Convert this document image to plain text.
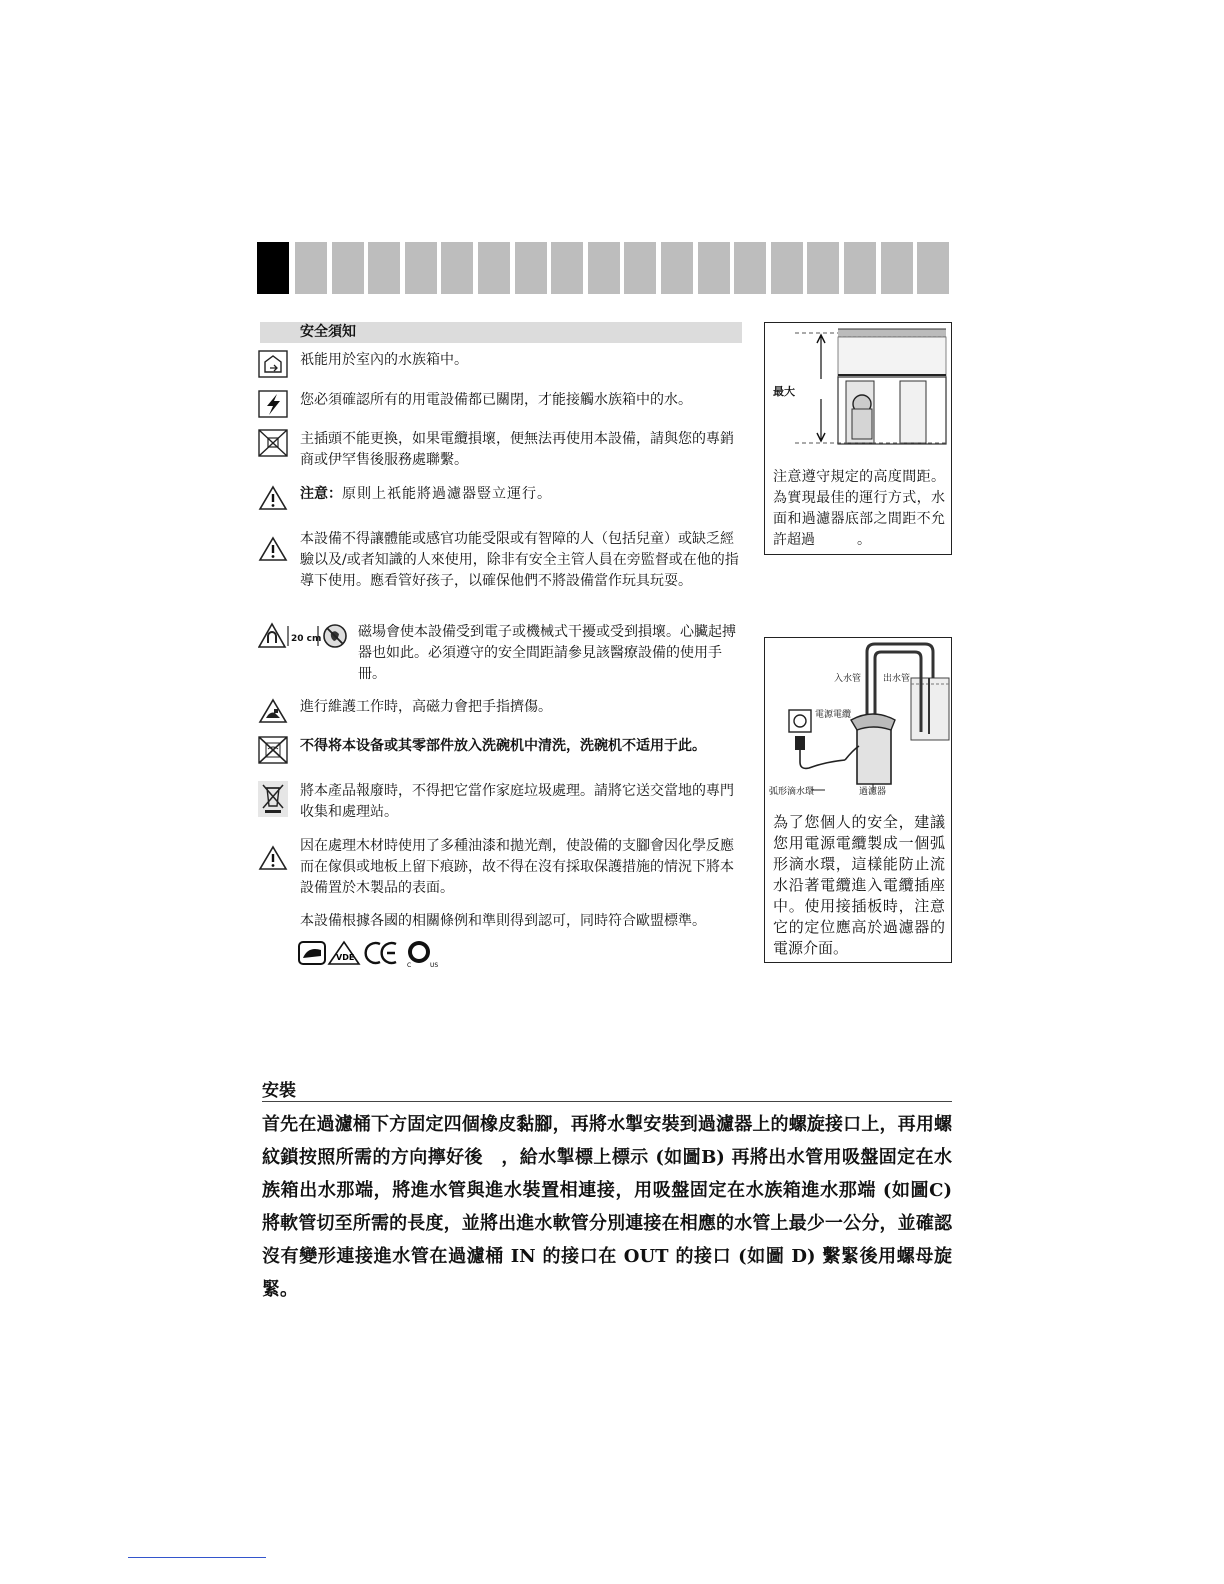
安全須知
祇能用於室內的水族箱中。
您必須確認所有的用電設備都已關閉，才能接觸水族箱中的水。
主插頭不能更換，如果電纜損壞，便無法再使用本設備，請與您的專銷商或伊罕售後服務處聯繫。
注意：原則上祇能將過濾器豎立運行。
本設備不得讓體能或感官功能受限或有智障的人（包括兒童）或缺乏經驗以及/或者知識的人來使用，除非有安全主管人員在旁監督或在他的指導下使用。應看管好孩子，以確保他們不將設備當作玩具玩耍。
20 cm	磁場會使本設備受到電子或機械式干擾或受到損壞。心臟起搏器也如此。必須遵守的安全間距請參見該醫療設備的使用手冊。
進行維護工作時，高磁力會把手指擠傷。
不得将本设备或其零部件放入洗碗机中清洗，洗碗机不适用于此。
將本產品報廢時，不得把它當作家庭垃圾處理。請將它送交當地的專門收集和處理站。
因在處理木材時使用了多種油漆和拋光劑，使設備的支腳會因化學反應而在傢俱或地板上留下痕跡，故不得在沒有採取保護措施的情況下將本設備置於木製品的表面。
本設備根據各國的相關條例和準則得到認可，同時符合歐盟標準。
VDE
C	US
最大
注意遵守規定的高度間距。為實現最佳的運行方式，水面和過濾器底部之間距不允許超過　　　。
入水管 出水管
電源電纜
弧形滴水環	過濾器
為了您個人的安全，建議您用電源電纜製成一個弧形滴水環，這樣能防止流水沿著電纜進入電纜插座中。使用接插板時，注意它的定位應高於過濾器的電源介面。
安裝
首先在過濾桶下方固定四個橡皮黏腳，再將水掣安裝到過濾器上的螺旋接口上，再用螺紋鎖按照所需的方向擰好後　，給水掣標上標示 (如圖B) 再將出水管用吸盤固定在水族箱出水那端，將進水管與進水裝置相連接，用吸盤固定在水族箱進水那端 (如圖C) 將軟管切至所需的長度，並將出進水軟管分別連接在相應的水管上最少一公分，並確認沒有變形連接進水管在過濾桶 IN 的接口在 OUT 的接口 (如圖 D) 繫緊後用螺母旋緊。
